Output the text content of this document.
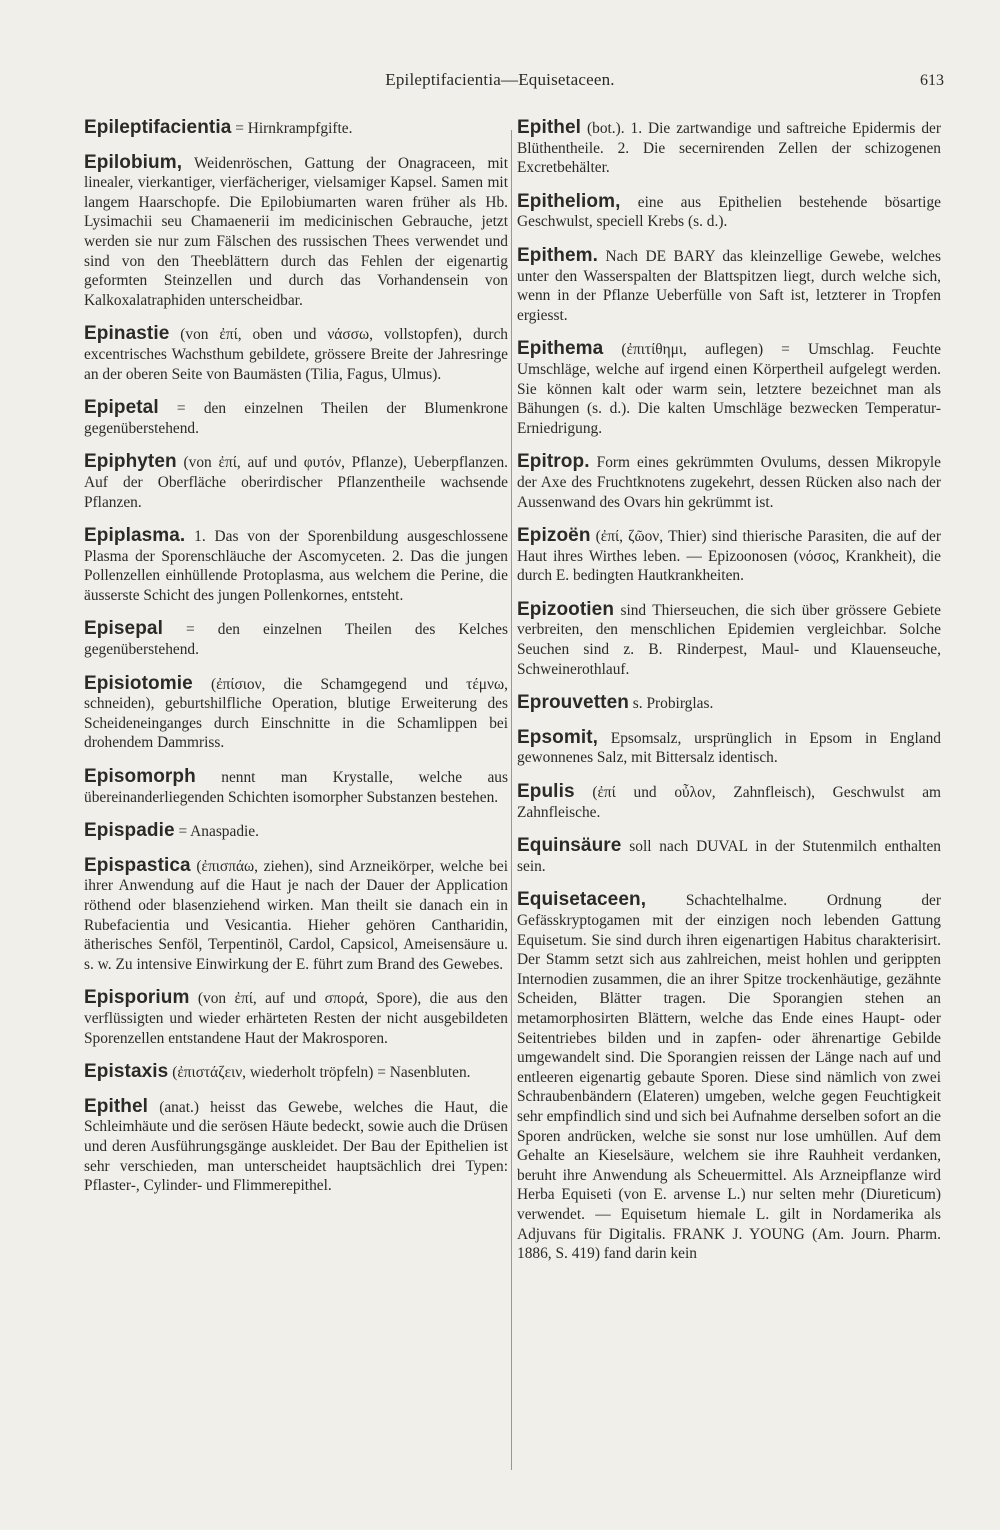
Epileptifacientia—Equisetaceen.	613

Epileptifacientia = Hirnkrampfgifte.

Epilobium, Weidenröschen, Gattung der Onagraceen, mit linealer, vierkantiger, vierfächeriger, vielsamiger Kapsel. Samen mit langem Haarschopfe. Die Epilobiumarten waren früher als Hb. Lysimachii seu Chamaenerii im medicinischen Gebrauche, jetzt werden sie nur zum Fälschen des russischen Thees verwendet und sind von den Theeblättern durch das Fehlen der eigenartig geformten Steinzellen und durch das Vorhandensein von Kalkoxalatraphiden unterscheidbar.

Epinastie (von ἐπί, oben und νάσσω, vollstopfen), durch excentrisches Wachsthum gebildete, grössere Breite der Jahresringe an der oberen Seite von Baumästen (Tilia, Fagus, Ulmus).

Epipetal = den einzelnen Theilen der Blumenkrone gegenüberstehend.

Epiphyten (von ἐπί, auf und φυτόν, Pflanze), Ueberpflanzen. Auf der Oberfläche oberirdischer Pflanzentheile wachsende Pflanzen.

Epiplasma. 1. Das von der Sporenbildung ausgeschlossene Plasma der Sporenschläuche der Ascomyceten. 2. Das die jungen Pollenzellen einhüllende Protoplasma, aus welchem die Perine, die äusserste Schicht des jungen Pollenkornes, entsteht.

Episepal = den einzelnen Theilen des Kelches gegenüberstehend.

Episiotomie (ἐπίσιον, die Schamgegend und τέμνω, schneiden), geburtshilfliche Operation, blutige Erweiterung des Scheideneinganges durch Einschnitte in die Schamlippen bei drohendem Dammriss.

Episomorph nennt man Krystalle, welche aus übereinanderliegenden Schichten isomorpher Substanzen bestehen.

Epispadie = Anaspadie.

Epispastica (ἐπισπάω, ziehen), sind Arzneikörper, welche bei ihrer Anwendung auf die Haut je nach der Dauer der Application röthend oder blasenziehend wirken. Man theilt sie danach ein in Rubefacientia und Vesicantia. Hieher gehören Cantharidin, ätherisches Senföl, Terpentinöl, Cardol, Capsicol, Ameisensäure u. s. w. Zu intensive Einwirkung der E. führt zum Brand des Gewebes.

Episporium (von ἐπί, auf und σπορά, Spore), die aus den verflüssigten und wieder erhärteten Resten der nicht ausgebildeten Sporenzellen entstandene Haut der Makrosporen.

Epistaxis (ἐπιστάζειν, wiederholt tröpfeln) = Nasenbluten.

Epithel (anat.) heisst das Gewebe, welches die Haut, die Schleimhäute und die serösen Häute bedeckt, sowie auch die Drüsen und deren Ausführungsgänge auskleidet. Der Bau der Epithelien ist sehr verschieden, man unterscheidet hauptsächlich drei Typen: Pflaster-, Cylinder- und Flimmerepithel.

Epithel (bot.). 1. Die zartwandige und saftreiche Epidermis der Blüthentheile. 2. Die secernirenden Zellen der schizogenen Excretbehälter.

Epitheliom, eine aus Epithelien bestehende bösartige Geschwulst, speciell Krebs (s. d.).

Epithem. Nach DE BARY das kleinzellige Gewebe, welches unter den Wasserspalten der Blattspitzen liegt, durch welche sich, wenn in der Pflanze Ueberfülle von Saft ist, letzterer in Tropfen ergiesst.

Epithema (ἐπιτίθημι, auflegen) = Umschlag. Feuchte Umschläge, welche auf irgend einen Körpertheil aufgelegt werden. Sie können kalt oder warm sein, letztere bezeichnet man als Bähungen (s. d.). Die kalten Umschläge bezwecken Temperatur-Erniedrigung.

Epitrop. Form eines gekrümmten Ovulums, dessen Mikropyle der Axe des Fruchtknotens zugekehrt, dessen Rücken also nach der Aussenwand des Ovars hin gekrümmt ist.

Epizoën (ἐπί, ζῶον, Thier) sind thierische Parasiten, die auf der Haut ihres Wirthes leben. — Epizoonosen (νόσος, Krankheit), die durch E. bedingten Hautkrankheiten.

Epizootien sind Thierseuchen, die sich über grössere Gebiete verbreiten, den menschlichen Epidemien vergleichbar. Solche Seuchen sind z. B. Rinderpest, Maul- und Klauenseuche, Schweinerothlauf.

Eprouvetten s. Probirglas.

Epsomit, Epsomsalz, ursprünglich in Epsom in England gewonnenes Salz, mit Bittersalz identisch.

Epulis (ἐπί und οὖλον, Zahnfleisch), Geschwulst am Zahnfleische.

Equinsäure soll nach DUVAL in der Stutenmilch enthalten sein.

Equisetaceen, Schachtelhalme. Ordnung der Gefässkryptogamen mit der einzigen noch lebenden Gattung Equisetum. Sie sind durch ihren eigenartigen Habitus charakterisirt. Der Stamm setzt sich aus zahlreichen, meist hohlen und gerippten Internodien zusammen, die an ihrer Spitze trockenhäutige, gezähnte Scheiden, Blätter tragen. Die Sporangien stehen an metamorphosirten Blättern, welche das Ende eines Haupt- oder Seitentriebes bilden und in zapfen- oder ährenartige Gebilde umgewandelt sind. Die Sporangien reissen der Länge nach auf und entleeren eigenartig gebaute Sporen. Diese sind nämlich von zwei Schraubenbändern (Elateren) umgeben, welche gegen Feuchtigkeit sehr empfindlich sind und sich bei Aufnahme derselben sofort an die Sporen andrücken, welche sie sonst nur lose umhüllen. Auf dem Gehalte an Kieselsäure, welchem sie ihre Rauhheit verdanken, beruht ihre Anwendung als Scheuermittel. Als Arzneipflanze wird Herba Equiseti (von E. arvense L.) nur selten mehr (Diureticum) verwendet. — Equisetum hiemale L. gilt in Nordamerika als Adjuvans für Digitalis. FRANK J. YOUNG (Am. Journ. Pharm. 1886, S. 419) fand darin kein
